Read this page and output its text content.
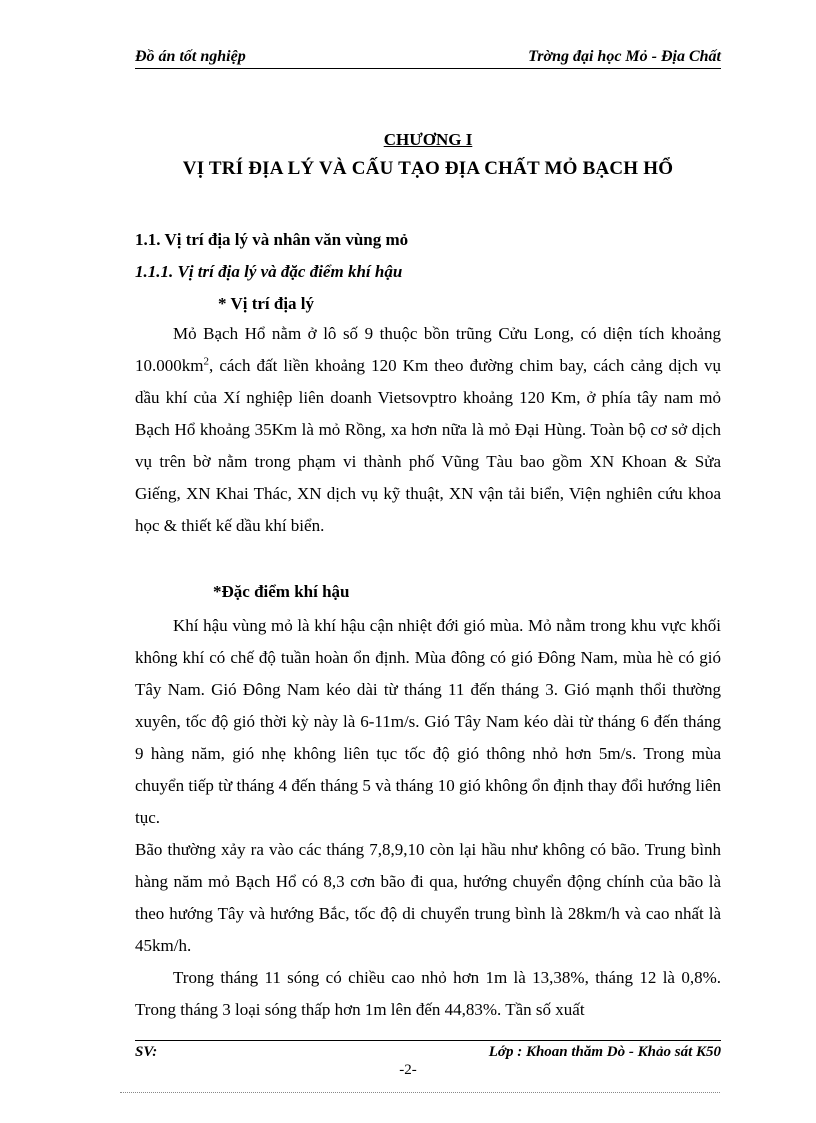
Đồ án tốt nghiệp	Trờng đại học Mỏ - Địa Chất
CHƯƠNG I
VỊ TRÍ ĐỊA LÝ VÀ CẤU TẠO ĐỊA CHẤT MỎ BẠCH HỔ
1.1. Vị trí địa lý và nhân văn vùng mỏ
1.1.1. Vị trí địa lý và đặc điểm khí hậu
* Vị trí địa lý

Mỏ Bạch Hổ nằm ở lô số 9 thuộc bồn trũng Cửu Long, có diện tích khoảng $10.000km^2$, cách đất liền khoảng 120 Km theo đường chim bay, cách cảng dịch vụ dầu khí của Xí nghiệp liên doanh Vietsovptro khoảng 120 Km, ở phía tây nam mỏ Bạch Hổ khoảng 35Km là mỏ Rồng, xa hơn nữa là mỏ Đại Hùng. Toàn bộ cơ sở dịch vụ trên bờ nằm trong phạm vi thành phố Vũng Tàu bao gồm XN Khoan & Sửa Giếng, XN Khai Thác, XN dịch vụ kỹ thuật, XN vận tải biển, Viện nghiên cứu khoa học & thiết kế dầu khí biển.

*Đặc điểm khí hậu

Khí hậu vùng mỏ là khí hậu cận nhiệt đới gió mùa. Mỏ nằm trong khu vực khối không khí có chế độ tuần hoàn ổn định. Mùa đông có gió Đông Nam, mùa hè có gió Tây Nam. Gió Đông Nam kéo dài từ tháng 11 đến tháng 3. Gió mạnh thổi thường xuyên, tốc độ gió thời kỳ này là 6-11m/s. Gió Tây Nam kéo dài từ tháng 6 đến tháng 9 hàng năm, gió nhẹ không liên tục tốc độ gió thông nhỏ hơn 5m/s. Trong mùa chuyển tiếp từ tháng 4 đến tháng 5 và tháng 10 gió không ổn định thay đổi hướng liên tục.

Bão thường xảy ra vào các tháng 7,8,9,10 còn lại hầu như không có bão. Trung bình hàng năm mỏ Bạch Hổ có 8,3 cơn bão đi qua, hướng chuyển động chính của bão là theo hướng Tây và hướng Bắc, tốc độ di chuyển trung bình là 28km/h và cao nhất là 45km/h.

Trong tháng 11 sóng có chiều cao nhỏ hơn 1m là 13,38%, tháng 12 là 0,8%. Trong tháng 3 loại sóng thấp hơn 1m lên đến 44,83%. Tần số xuất

SV:	Lớp : Khoan thăm Dò - Khảo sát K50
-2-
